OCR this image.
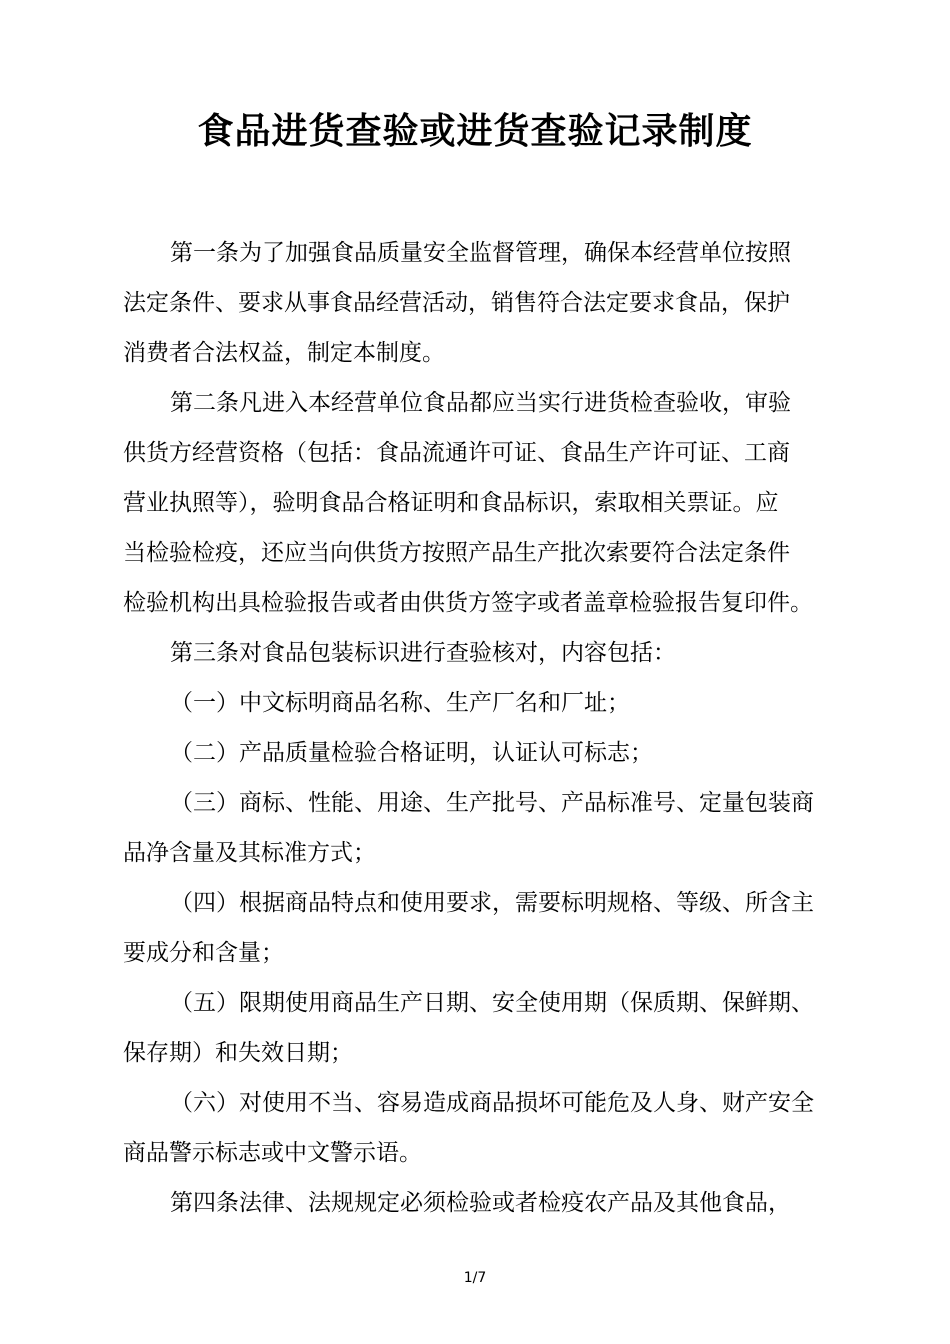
食品进货查验或进货查验记录制度

第一条为了加强食品质量安全监督管理，确保本经营单位按照

法定条件、要求从事食品经营活动，销售符合法定要求食品，保护

消费者合法权益，制定本制度。

第二条凡进入本经营单位食品都应当实行进货检查验收，审验

供货方经营资格（包括：食品流通许可证、食品生产许可证、工商

营业执照等），验明食品合格证明和食品标识，索取相关票证。应

当检验检疫，还应当向供货方按照产品生产批次索要符合法定条件

检验机构出具检验报告或者由供货方签字或者盖章检验报告复印件。

第三条对食品包装标识进行查验核对，内容包括：

（一）中文标明商品名称、生产厂名和厂址；

（二）产品质量检验合格证明，认证认可标志；

（三）商标、性能、用途、生产批号、产品标准号、定量包装商

品净含量及其标准方式；

（四）根据商品特点和使用要求，需要标明规格、等级、所含主

要成分和含量；

（五）限期使用商品生产日期、安全使用期（保质期、保鲜期、

保存期）和失效日期；

（六）对使用不当、容易造成商品损坏可能危及人身、财产安全

商品警示标志或中文警示语。

第四条法律、法规规定必须检验或者检疫农产品及其他食品，

1/7
